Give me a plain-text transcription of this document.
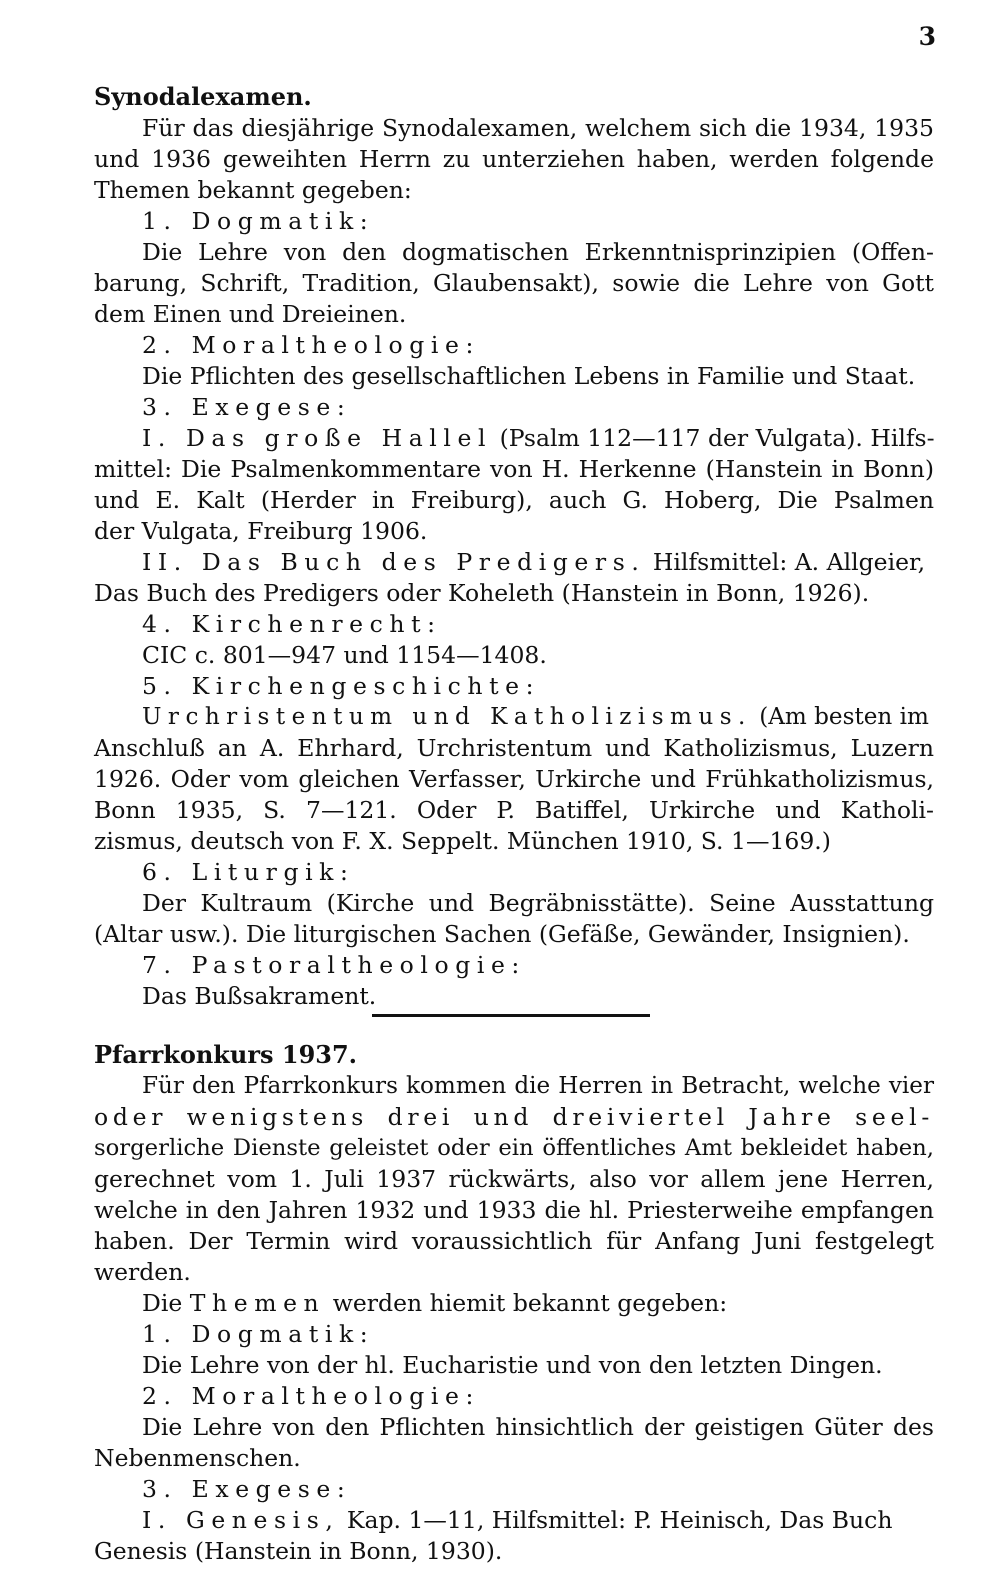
3
Synodalexamen.
Für das diesjährige Synodalexamen, welchem sich die 1934, 1935
und 1936 geweihten Herrn zu unterziehen haben, werden folgende
Themen bekannt gegeben:
1. Dogmatik:
Die Lehre von den dogmatischen Erkenntnisprinzipien (Offen-
barung, Schrift, Tradition, Glaubensakt), sowie die Lehre von Gott
dem Einen und Dreieinen.
2. Moraltheologie:
Die Pflichten des gesellschaftlichen Lebens in Familie und Staat.
3. Exegese:
I. Das große Hallel (Psalm 112—117 der Vulgata). Hilfs-
mittel: Die Psalmenkommentare von H. Herkenne (Hanstein in Bonn)
und E. Kalt (Herder in Freiburg), auch G. Hoberg, Die Psalmen
der Vulgata, Freiburg 1906.
II. Das Buch des Predigers. Hilfsmittel: A. Allgeier,
Das Buch des Predigers oder Koheleth (Hanstein in Bonn, 1926).
4. Kirchenrecht:
CIC c. 801—947 und 1154—1408.
5. Kirchengeschichte:
Urchristentum und Katholizismus. (Am besten im
Anschluß an A. Ehrhard, Urchristentum und Katholizismus, Luzern
1926. Oder vom gleichen Verfasser, Urkirche und Frühkatholizismus,
Bonn 1935, S. 7—121. Oder P. Batiffel, Urkirche und Katholi-
zismus, deutsch von F. X. Seppelt. München 1910, S. 1—169.)
6. Liturgik:
Der Kultraum (Kirche und Begräbnisstätte). Seine Ausstattung
(Altar usw.). Die liturgischen Sachen (Gefäße, Gewänder, Insignien).
7. Pastoraltheologie:
Das Bußsakrament.
Pfarrkonkurs 1937.
Für den Pfarrkonkurs kommen die Herren in Betracht, welche vier
oder wenigstens drei und dreiviertel Jahre seel-
sorgerliche Dienste geleistet oder ein öffentliches Amt bekleidet haben,
gerechnet vom 1. Juli 1937 rückwärts, also vor allem jene Herren,
welche in den Jahren 1932 und 1933 die hl. Priesterweihe empfangen
haben. Der Termin wird voraussichtlich für Anfang Juni festgelegt
werden.
Die Themen werden hiemit bekannt gegeben:
1. Dogmatik:
Die Lehre von der hl. Eucharistie und von den letzten Dingen.
2. Moraltheologie:
Die Lehre von den Pflichten hinsichtlich der geistigen Güter des
Nebenmenschen.
3. Exegese:
I. Genesis, Kap. 1—11, Hilfsmittel: P. Heinisch, Das Buch
Genesis (Hanstein in Bonn, 1930).
